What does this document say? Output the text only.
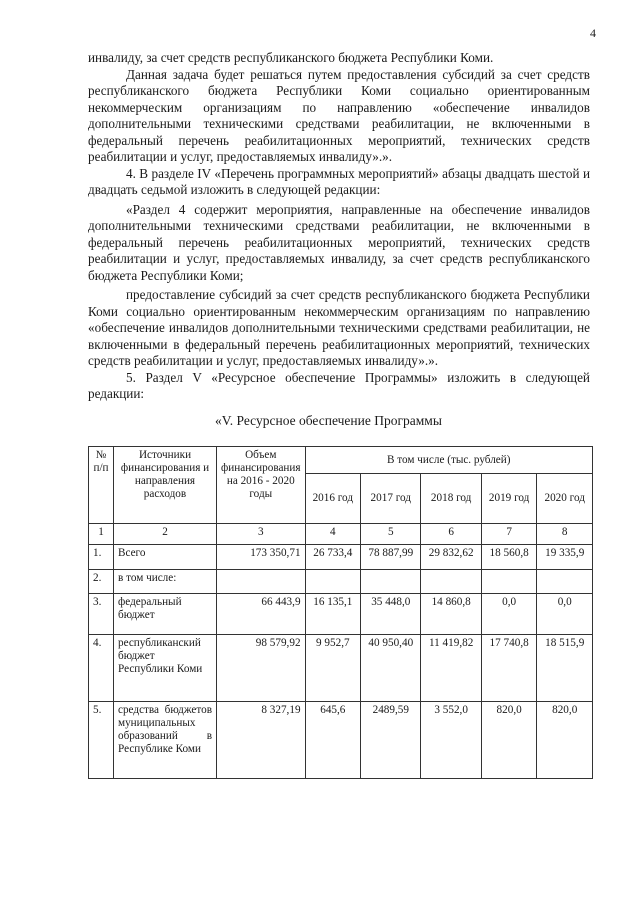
4

инвалиду, за счет средств республиканского бюджета Республики Коми.

Данная задача будет решаться путем предоставления субсидий за счет средств республиканского бюджета Республики Коми социально ориентированным некоммерческим организациям по направлению «обеспечение инвалидов дополнительными техническими средствами реабилитации, не включенными в федеральный перечень реабилитационных мероприятий, технических средств реабилитации и услуг, предоставляемых инвалиду».».

4. В разделе IV «Перечень программных мероприятий» абзацы двадцать шестой и двадцать седьмой изложить в следующей редакции:

«Раздел 4 содержит мероприятия, направленные на обеспечение инвалидов дополнительными техническими средствами реабилитации, не включенными в федеральный перечень реабилитационных мероприятий, технических средств реабилитации и услуг, предоставляемых инвалиду, за счет средств республиканского бюджета Республики Коми;

предоставление субсидий за счет средств республиканского бюджета Республики Коми социально ориентированным некоммерческим организациям по направлению «обеспечение инвалидов дополнительными техническими средствами реабилитации, не включенными в федеральный перечень реабилитационных мероприятий, технических средств реабилитации и услуг, предоставляемых инвалиду».».

5. Раздел V «Ресурсное обеспечение Программы» изложить в следующей редакции:

«V. Ресурсное обеспечение Программы
№ п/п	Источники финансирования и направления расходов	Объем финансирования на 2016 - 2020 годы	В том числе (тыс. рублей)				
			2016 год	2017 год	2018 год	2019 год	2020 год
1	2	3	4	5	6	7	8
1.	Всего	173 350,71	26 733,4	78 887,99	29 832,62	18 560,8	19 335,9
2.	в том числе:						
3.	федеральный бюджет	66 443,9	16 135,1	35 448,0	14 860,8	0,0	0,0
4.	республиканский бюджет Республики Коми	98 579,92	9 952,7	40 950,40	11 419,82	17 740,8	18 515,9
5.	средства бюджетов муниципальных образований в Республике Коми	8 327,19	645,6	2489,59	3 552,0	820,0	820,0
